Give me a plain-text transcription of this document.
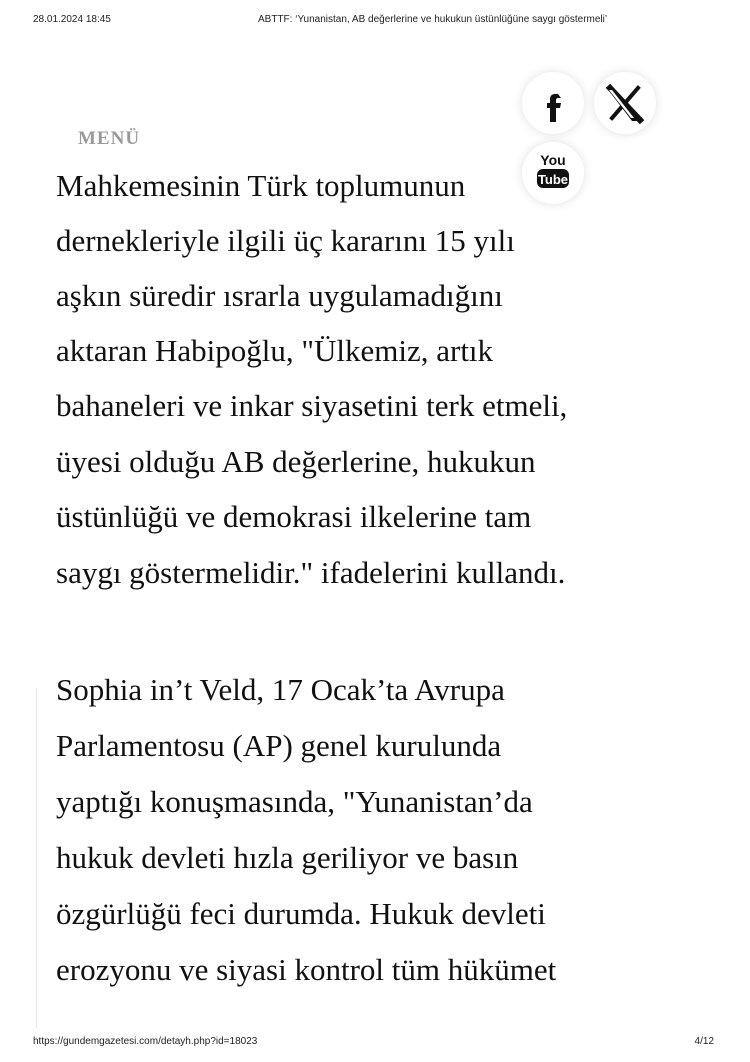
28.01.2024 18:45	ABTTF: ‘Yunanistan, AB değerlerine ve hukukun üstünlüğüne saygı göstermeli’
Mahkemesinin Türk toplumunun
dernekleriyle ilgili üç kararını 15 yılı
aşkın süredir ısrarla uygulamadığını
aktaran Habipoğlu, "Ülkemiz, artık
bahaneleri ve inkar siyasetini terk etmeli,
üyesi olduğu AB değerlerine, hukukun
üstünlüğü ve demokrasi ilkelerine tam
saygı göstermelidir." ifadelerini kullandı.
Sophia in’t Veld, 17 Ocak’ta Avrupa
Parlamentosu (AP) genel kurulunda
yaptığı konuşmasında, "Yunanistan’da
hukuk devleti hızla geriliyor ve basın
özgürlüğü feci durumda. Hukuk devleti
erozyonu ve siyasi kontrol tüm hükümet
MENÜ
You
Tube
https://gundemgazetesi.com/detayh.php?id=18023	4/12
